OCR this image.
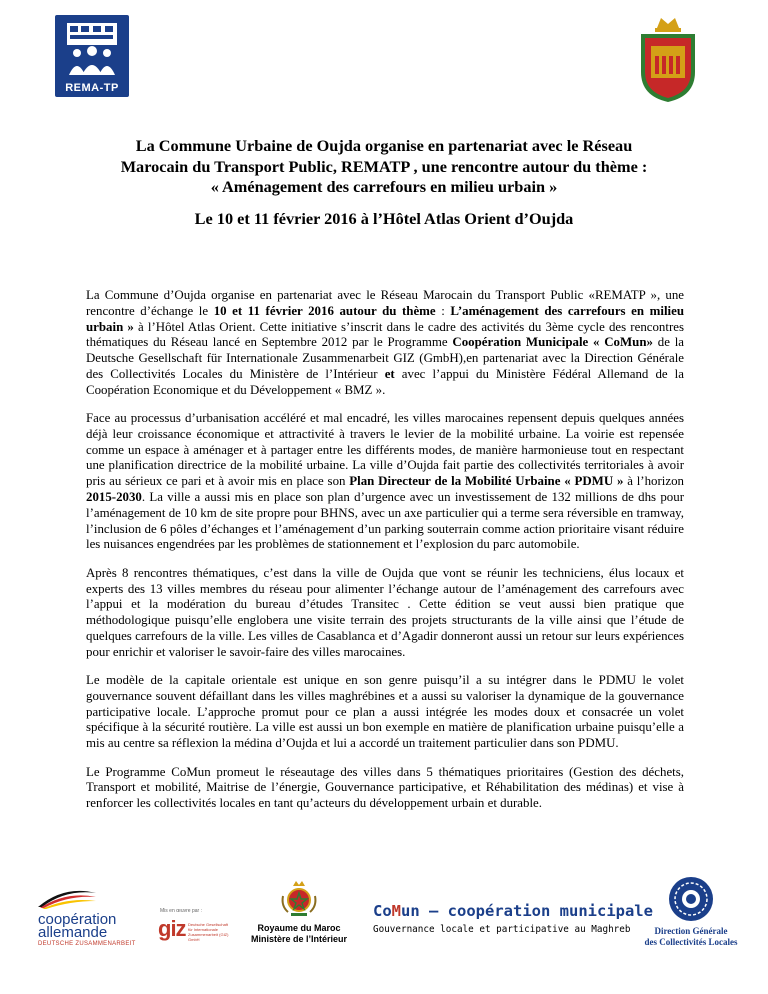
REMA-TP
La Commune Urbaine de Oujda organise en partenariat avec le Réseau
Marocain du Transport Public, REMATP , une rencontre autour du thème :
« Aménagement des carrefours en milieu urbain »
Le 10 et 11 février 2016 à l’Hôtel Atlas Orient d’Oujda

La Commune d’Oujda organise en partenariat avec le Réseau Marocain du Transport Public «REMATP », une rencontre d’échange le 10 et 11 février 2016 autour du thème : L’aménagement des carrefours en milieu urbain » à l’Hôtel Atlas Orient. Cette initiative s’inscrit dans le cadre des activités du 3ème cycle des rencontres thématiques du Réseau lancé en Septembre 2012 par le Programme Coopération Municipale « CoMun» de la Deutsche Gesellschaft für Internationale Zusammenarbeit GIZ (GmbH),en partenariat avec la Direction Générale des Collectivités Locales du Ministère de l’Intérieur et avec l’appui du Ministère Fédéral Allemand de la Coopération Economique et du Développement « BMZ ».

Face au processus d’urbanisation accéléré et mal encadré, les villes marocaines repensent depuis quelques années déjà leur croissance économique et attractivité à travers le levier de la mobilité urbaine. La voirie est repensée comme un espace à aménager et à partager entre les différents modes, de manière harmonieuse tout en respectant une planification directrice de la mobilité urbaine. La ville d’Oujda fait partie des collectivités territoriales à avoir pris au sérieux ce pari et à avoir mis en place son Plan Directeur de la Mobilité Urbaine « PDMU » à l’horizon 2015-2030. La ville a aussi mis en place son plan d’urgence avec un investissement de 132 millions de dhs pour l’aménagement de 10 km de site propre pour BHNS, avec un axe particulier qui a terme sera réversible en tramway, l’inclusion de 6 pôles d’échanges et l’aménagement d’un parking souterrain comme action prioritaire visant réduire les nuisances engendrées par les problèmes de stationnement et l’explosion du parc automobile.

Après 8 rencontres thématiques, c’est dans la ville de Oujda que vont se réunir les techniciens, élus locaux et experts des 13 villes membres du réseau pour alimenter l’échange autour de l’aménagement des carrefours avec l’appui et la modération du bureau d’études Transitec . Cette édition se veut aussi bien pratique que méthodologique puisqu’elle englobera une visite terrain des projets structurants de la ville ainsi que l’étude de quelques carrefours de la ville. Les villes de Casablanca et d’Agadir donneront aussi un retour sur leurs expériences pour enrichir et valoriser le savoir-faire des villes marocaines.

Le modèle de la capitale orientale est unique en son genre puisqu’il a su intégrer dans le PDMU le volet gouvernance souvent défaillant dans les villes maghrébines et a aussi su valoriser la dynamique de la gouvernance participative locale. L’approche promut pour ce plan a aussi intégrée les modes doux et consacrée un volet spécifique à la sécurité routière. La ville est aussi un bon exemple en matière de planification urbaine puisqu’elle a mis au centre sa réflexion la médina d’Oujda et lui a accordé un traitement particulier dans son PDMU.

Le Programme CoMun promeut le réseautage des villes dans 5 thématiques prioritaires (Gestion des déchets, Transport et mobilité, Maitrise de l’énergie, Gouvernance participative, et Réhabilitation des médinas) et vise à renforcer les collectivités locales en tant qu’acteurs du développement urbain et durable.

coopération
allemande
DEUTSCHE ZUSAMMENARBEIT
Mis en œuvre par :
giz Deutsche Gesellschaft
für Internationale
Zusammenarbeit (GIZ) GmbH
Royaume du Maroc
Ministère de l’Intérieur
CoMun – coopération municipale
Gouvernance locale et participative au Maghreb	Direction Générale
des Collectivités Locales
